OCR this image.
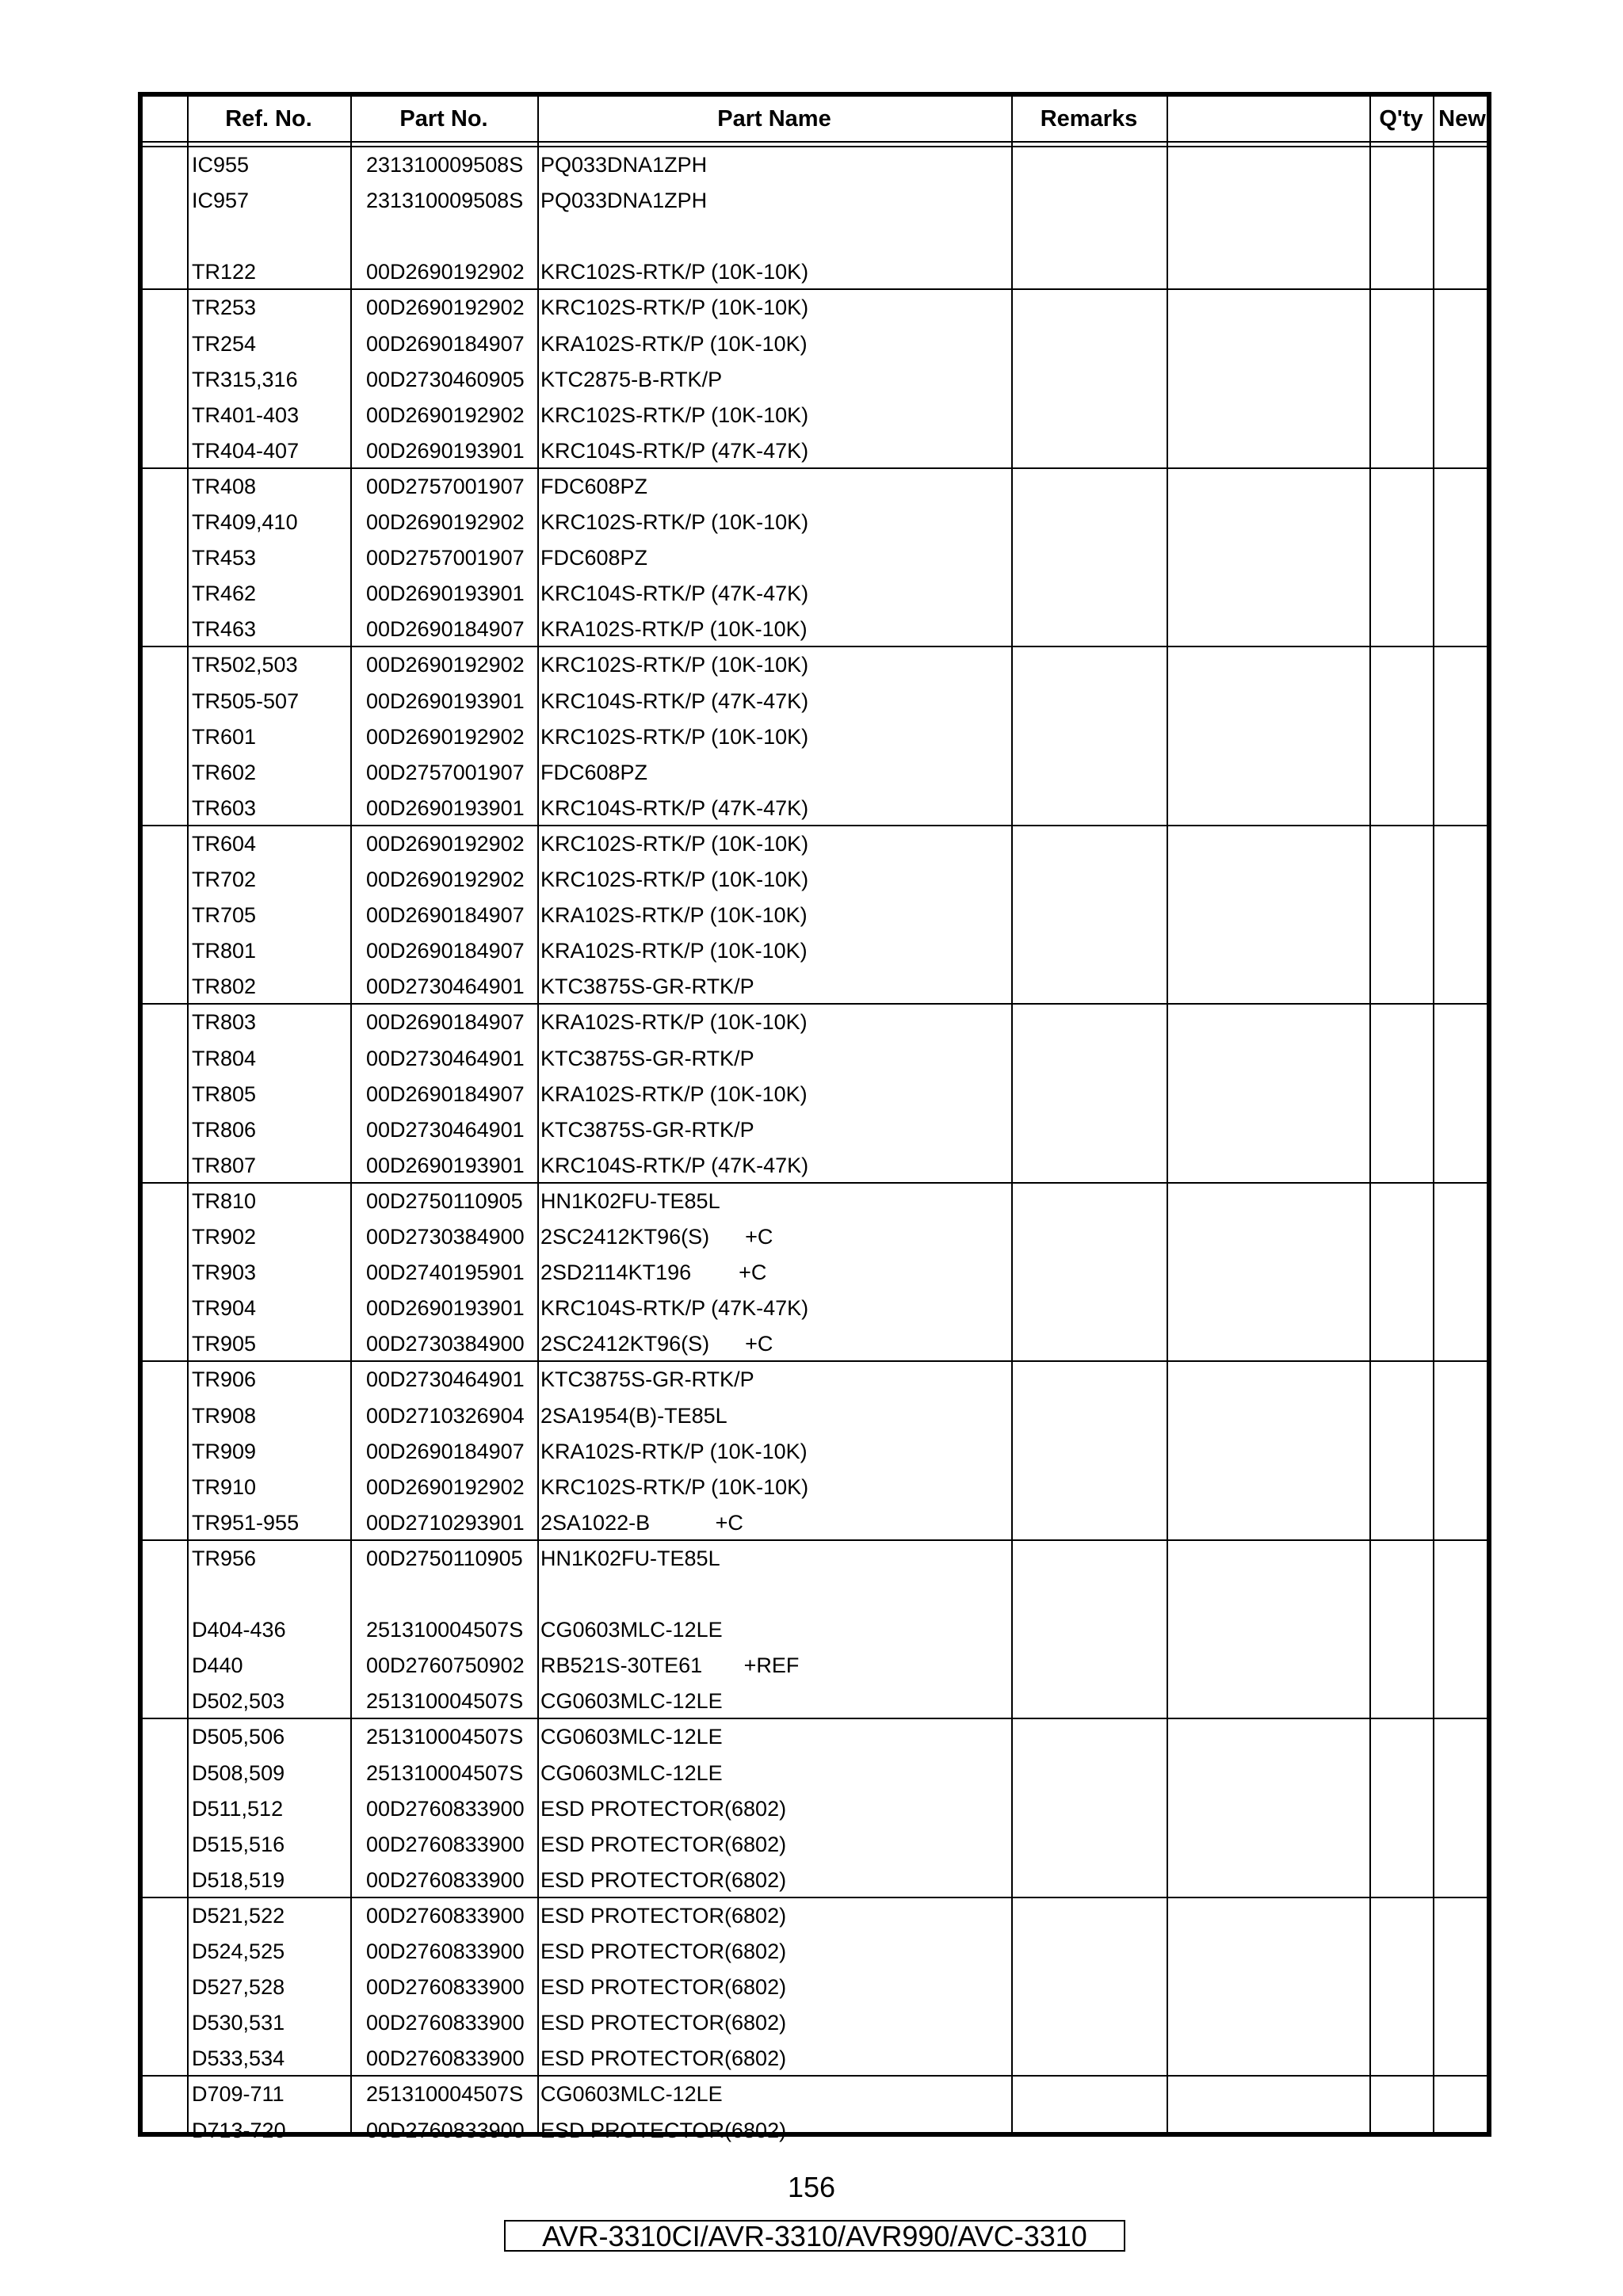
Ref. No.	Part No.	Part Name	Remarks	Q'ty New
IC955	231310009508S PQ033DNA1ZPH
IC957	231310009508S PQ033DNA1ZPH
TR122	00D2690192902 KRC102S-RTK/P (10K-10K)
TR253	00D2690192902 KRC102S-RTK/P (10K-10K)
TR254	00D2690184907 KRA102S-RTK/P (10K-10K)
TR315,316	00D2730460905 KTC2875-B-RTK/P
TR401-403	00D2690192902 KRC102S-RTK/P (10K-10K)
TR404-407	00D2690193901 KRC104S-RTK/P (47K-47K)
TR408	00D2757001907 FDC608PZ
TR409,410	00D2690192902 KRC102S-RTK/P (10K-10K)
TR453	00D2757001907 FDC608PZ
TR462	00D2690193901 KRC104S-RTK/P (47K-47K)
TR463	00D2690184907 KRA102S-RTK/P (10K-10K)
TR502,503	00D2690192902 KRC102S-RTK/P (10K-10K)
TR505-507	00D2690193901 KRC104S-RTK/P (47K-47K)
TR601	00D2690192902 KRC102S-RTK/P (10K-10K)
TR602	00D2757001907 FDC608PZ
TR603	00D2690193901 KRC104S-RTK/P (47K-47K)
TR604	00D2690192902 KRC102S-RTK/P (10K-10K)
TR702	00D2690192902 KRC102S-RTK/P (10K-10K)
TR705	00D2690184907 KRA102S-RTK/P (10K-10K)
TR801	00D2690184907 KRA102S-RTK/P (10K-10K)
TR802	00D2730464901 KTC3875S-GR-RTK/P
TR803	00D2690184907 KRA102S-RTK/P (10K-10K)
TR804	00D2730464901 KTC3875S-GR-RTK/P
TR805	00D2690184907 KRA102S-RTK/P (10K-10K)
TR806	00D2730464901 KTC3875S-GR-RTK/P
TR807	00D2690193901 KRC104S-RTK/P (47K-47K)
TR810	00D2750110905 HN1K02FU-TE85L
TR902	00D2730384900 2SC2412KT96(S)      +C
TR903	00D2740195901 2SD2114KT196        +C
TR904	00D2690193901 KRC104S-RTK/P (47K-47K)
TR905	00D2730384900 2SC2412KT96(S)      +C
TR906	00D2730464901 KTC3875S-GR-RTK/P
TR908	00D2710326904 2SA1954(B)-TE85L
TR909	00D2690184907 KRA102S-RTK/P (10K-10K)
TR910	00D2690192902 KRC102S-RTK/P (10K-10K)
TR951-955	00D2710293901 2SA1022-B           +C
TR956	00D2750110905 HN1K02FU-TE85L
D404-436	251310004507S CG0603MLC-12LE
D440	00D2760750902 RB521S-30TE61       +REF
D502,503	251310004507S CG0603MLC-12LE
D505,506	251310004507S CG0603MLC-12LE
D508,509	251310004507S CG0603MLC-12LE
D511,512	00D2760833900 ESD PROTECTOR(6802)
D515,516	00D2760833900 ESD PROTECTOR(6802)
D518,519	00D2760833900 ESD PROTECTOR(6802)
D521,522	00D2760833900 ESD PROTECTOR(6802)
D524,525	00D2760833900 ESD PROTECTOR(6802)
D527,528	00D2760833900 ESD PROTECTOR(6802)
D530,531	00D2760833900 ESD PROTECTOR(6802)
D533,534	00D2760833900 ESD PROTECTOR(6802)
D709-711	251310004507S CG0603MLC-12LE
D713-720	00D2760833900 ESD PROTECTOR(6802)
156
AVR-3310CI/AVR-3310/AVR990/AVC-3310
